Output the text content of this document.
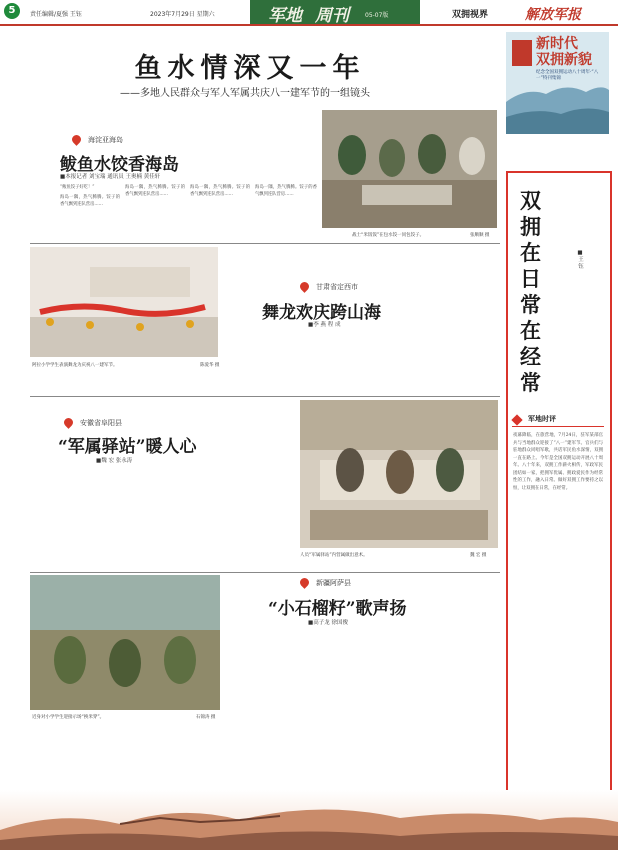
5	责任编辑/夏强 王钰	2023年7月29日 星期六	军地 周刊	05-07版	双拥视界	解放军报
鱼水情深又一年
——多地人民群众与军人军属共庆八一建军节的一组镜头
新时代
双拥新貌
纪念全国双拥运动八十周年·“八一”特刊集锦
海淀亚海岛
鲅鱼水饺香海岛
■本报记者 刘宝瑞 通讯员 王奥楠 黄佳轩
“鲅鱼饺子好吃！”
海岛一隅，热气腾腾。饺子的香气飘到连队营房……
海岛一隅，热气腾腾。饺子的香气飘到连队营房……
海岛一隅，热气腾腾。饺子的香气飘到连队营房……
海岛一隅，热气腾腾。饺子的香气飘到连队营房……
战士“米饭饭”在包水饺一同包饺子。	张顺顺 摄
阿拉小学学生表演舞龙为庆祝八一建军节。	陈爱华 摄
甘肃省定西市
舞龙欢庆跨山海
■李 燕 程 成
安徽省阜阳县
“军属驿站”暖人心
■魏 宏 张永涛
人员“军属驿站”内营属做出意术。	魏 宏 摄
近身对小学学生迎接示场“换米穿”。	石锦涛 摄
新疆阿萨县
“小石榴籽”歌声扬
■高子龙 徐国俊
双拥在日常在经常
■王 钰
军地时评
夜幕降临，在旅营地，7月24日，驻军某部官兵与当地群众迎接了“八一”建军节。官兵们与驻地群众同唱军歌，共话军民鱼水深情，双拥一直在路上。今年是全国双拥运动开展八十周年。八十年来，双拥工作薪火相传，军政军民团结如一家，把拥军优属、拥政爱民作为经常性的工作，融入日常。做好双拥工作要持之以恒，让双拥在日常，在经常。
